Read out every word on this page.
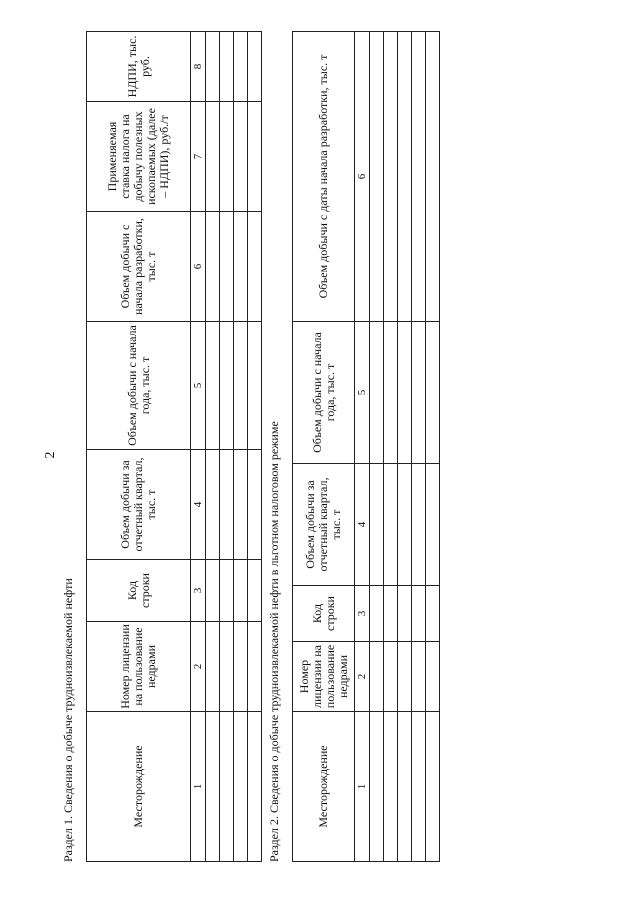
2
Раздел 1. Сведения о добыче трудноизвлекаемой нефти	Месторождение	Номер лицензии на пользование недрами	Код строки	Объем добычи за отчетный квартал, тыс. т	Объем добычи с начала года, тыс. т	Объем добычи с начала разработки, тыс. т	Применяемая ставка налога на добычу полезных ископаемых (далее – НДПИ), руб./т	НДПИ, тыс. руб.
1	2	3	4	5	6	7	8

Раздел 2. Сведения о добыче трудноизвлекаемой нефти в льготном налоговом режиме	Месторождение	Номер лицензии на пользование недрами	Код строки	Объем добычи за отчетный квартал, тыс. т	Объем добычи с начала года, тыс. т	Объем добычи с даты начала разработки, тыс. т
1	2	3	4	5	6
